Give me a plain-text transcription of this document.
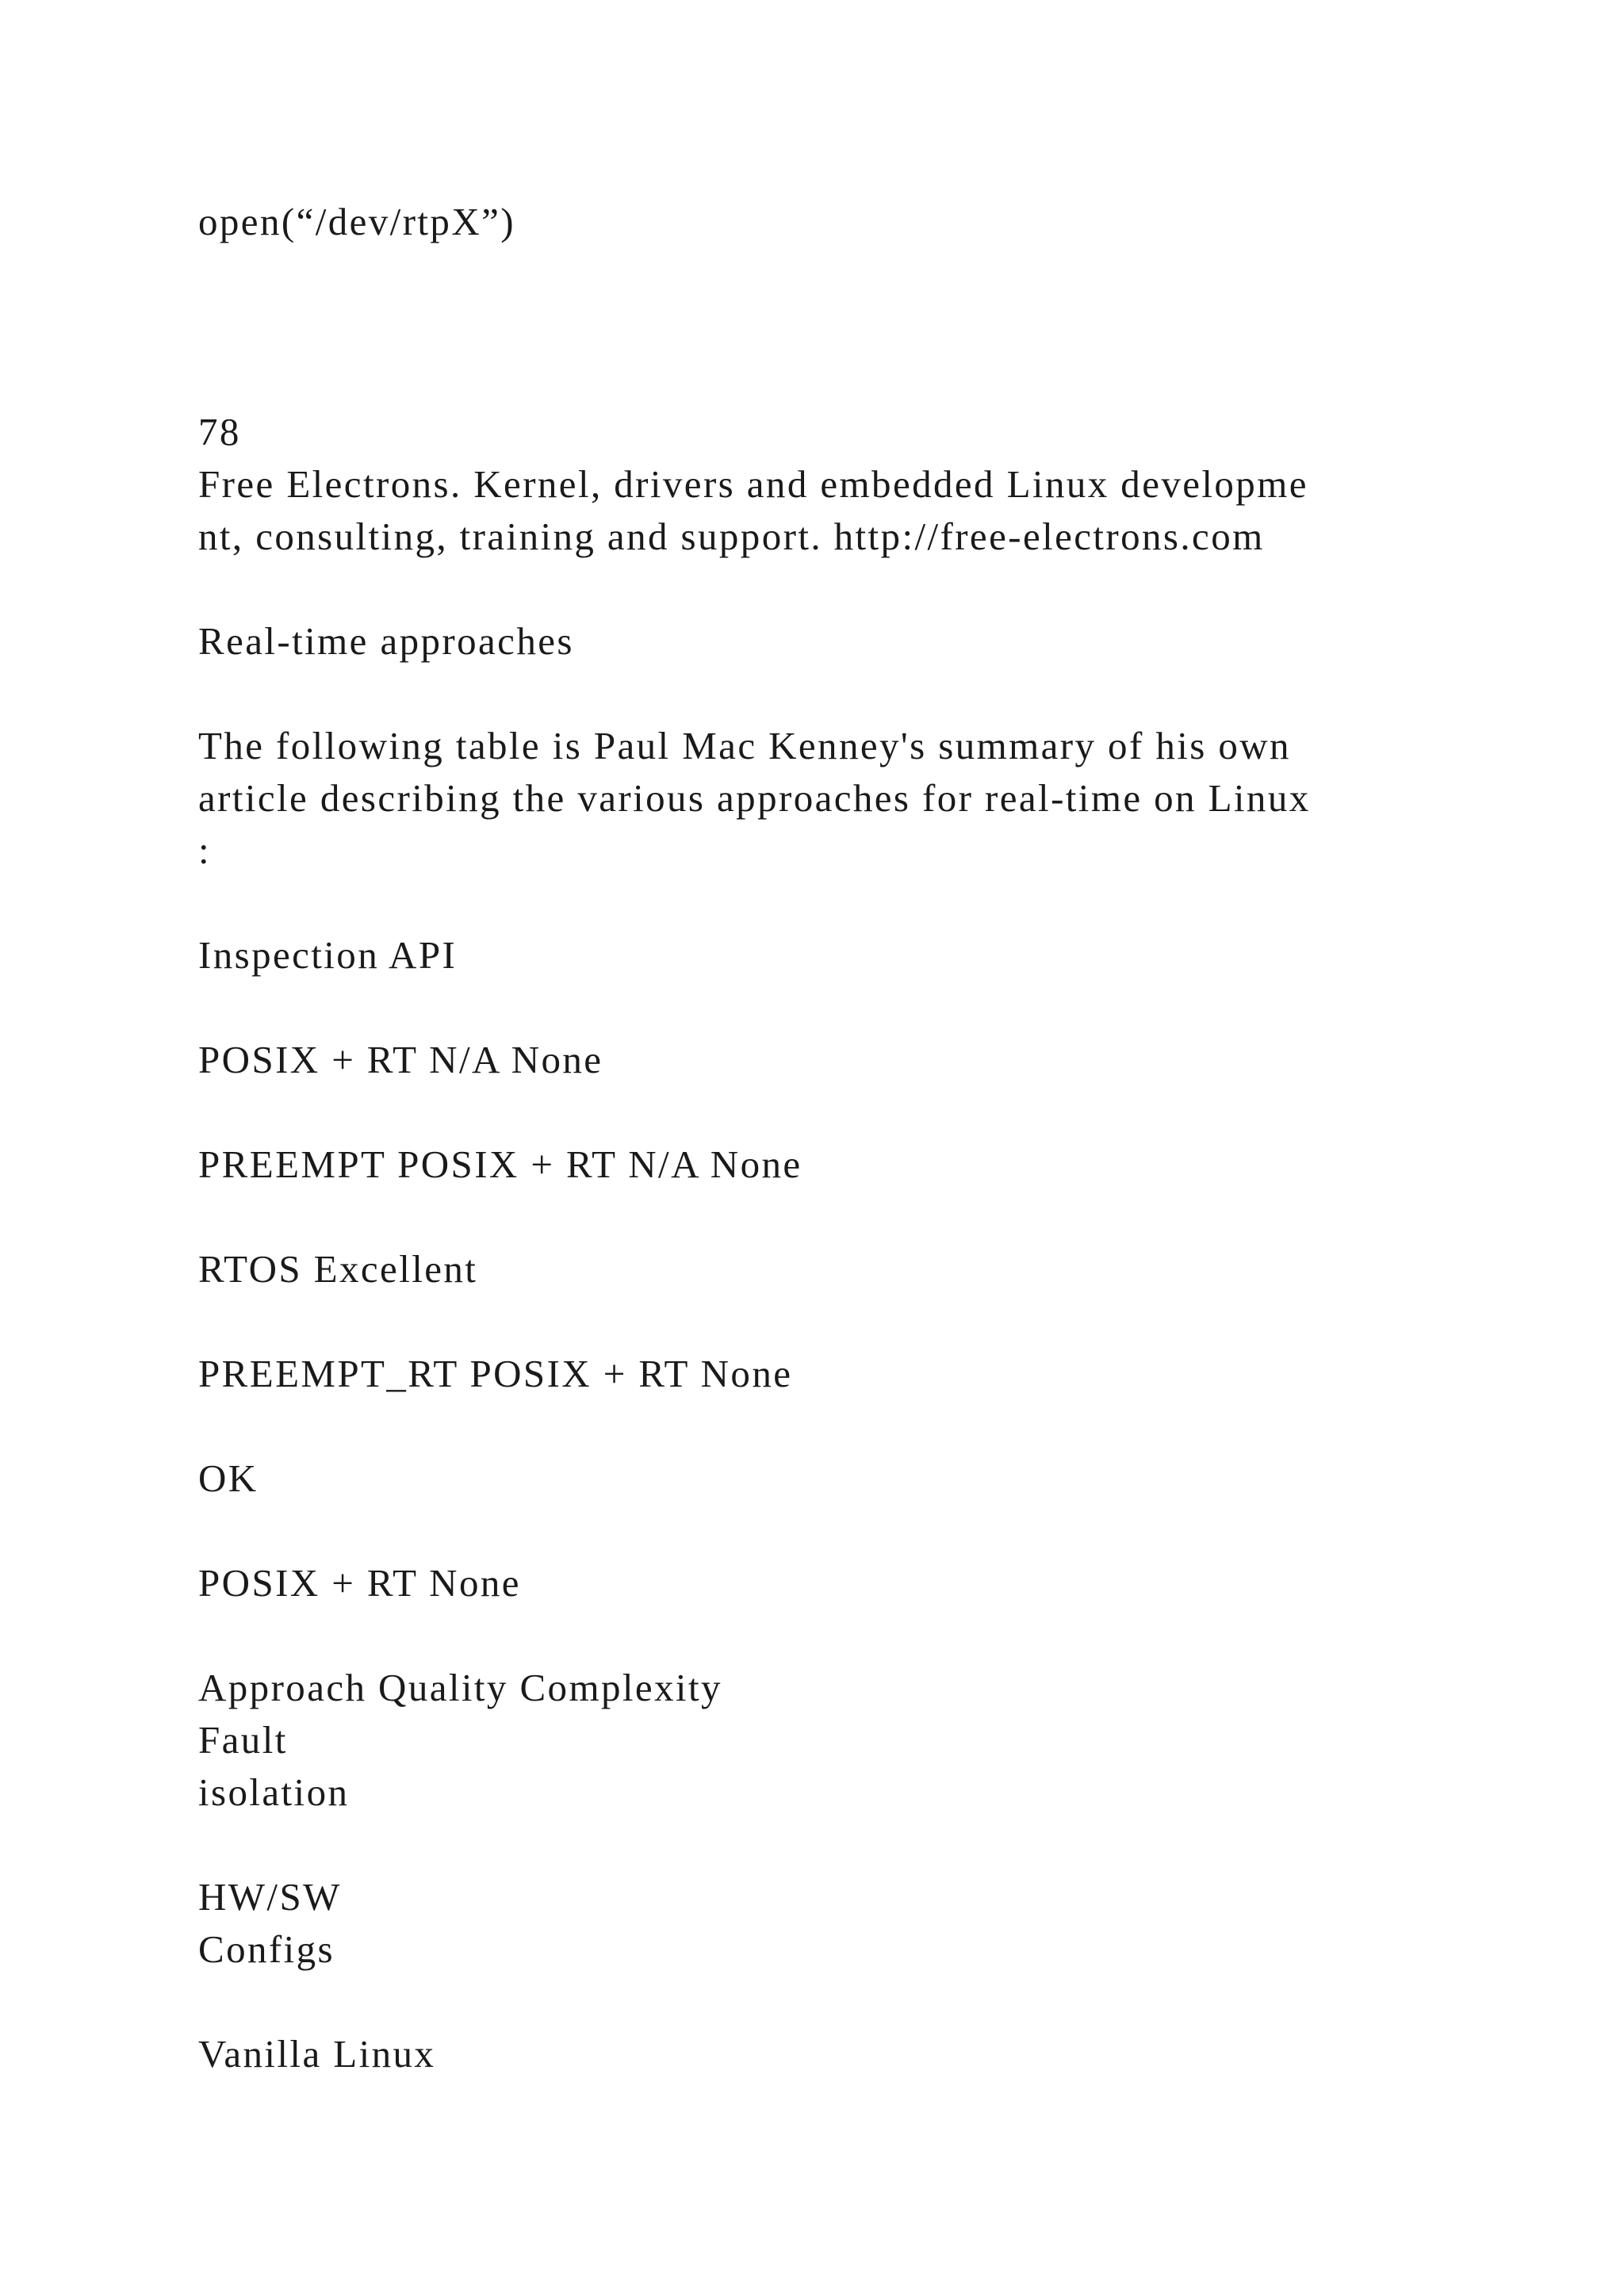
open(“/dev/rtpX”)

78

Free Electrons. Kernel, drivers and embedded Linux developme

nt, consulting, training and support. http://free-electrons.com

Real-time approaches

The following table is Paul Mac Kenney's summary of his own

article describing the various approaches for real-time on Linux

:

Inspection API

POSIX + RT N/A None

PREEMPT POSIX + RT N/A None

RTOS Excellent

PREEMPT_RT POSIX + RT None

OK

POSIX + RT None

Approach Quality Complexity

Fault

isolation

HW/SW

Configs

Vanilla Linux
